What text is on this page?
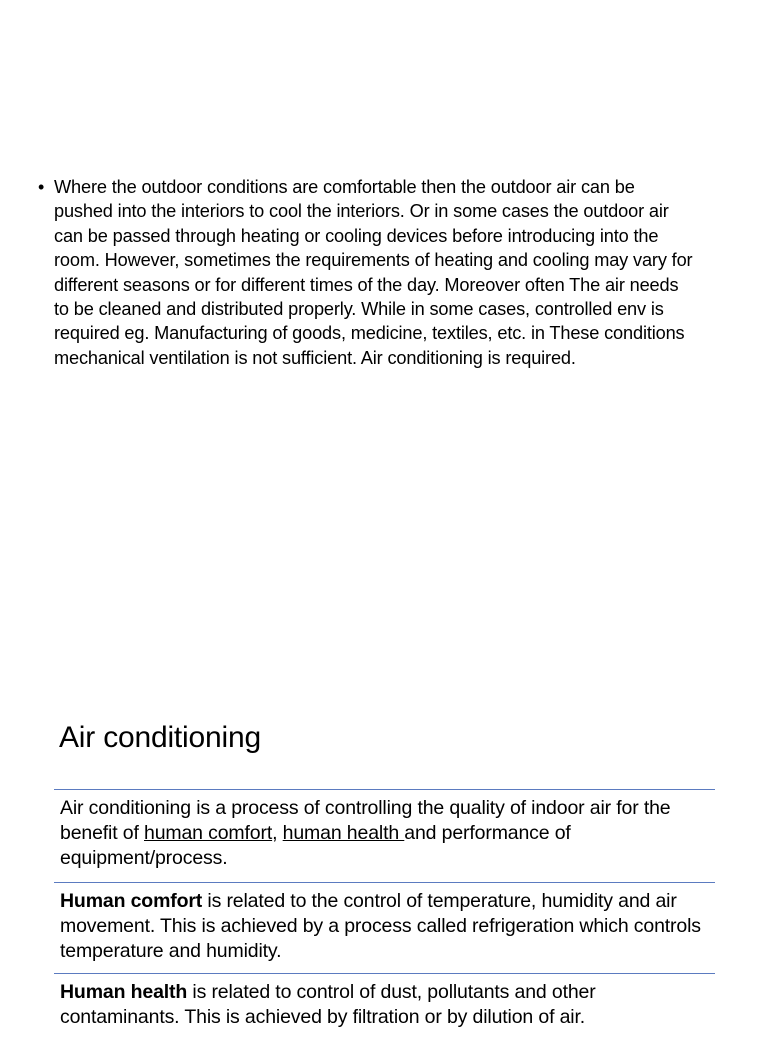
• Where the outdoor conditions are comfortable then the outdoor air can be pushed into the interiors to cool the interiors. Or in some cases the outdoor air can be passed through heating or cooling devices before introducing into the room. However, sometimes the requirements of heating and cooling may vary for different seasons or for different times of the day. Moreover often The air needs to be cleaned and distributed properly. While in some cases, controlled env is required eg. Manufacturing of goods, medicine, textiles, etc. in These conditions mechanical ventilation is not sufficient. Air conditioning is required.
Air conditioning
Air conditioning is a process of controlling the quality of indoor air for the benefit of human comfort, human health and performance of equipment/process.
Human comfort is related to the control of temperature, humidity and air movement. This is achieved by a process called refrigeration which controls temperature and humidity.
Human health is related to control of dust, pollutants and other contaminants. This is achieved by filtration or by dilution of air.
